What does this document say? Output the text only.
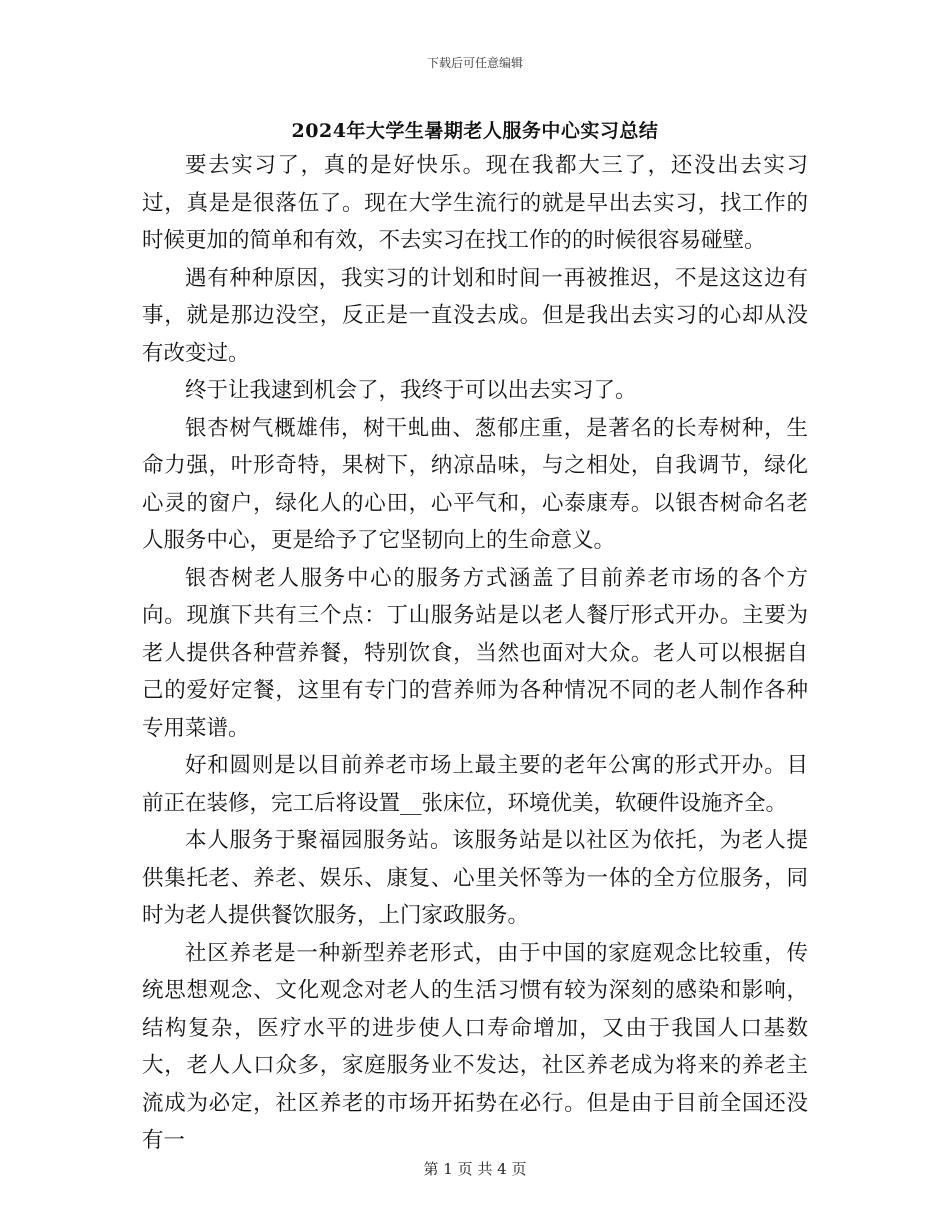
下载后可任意编辑
2024年大学生暑期老人服务中心实习总结

要去实习了，真的是好快乐。现在我都大三了，还没出去实习过，真是是很落伍了。现在大学生流行的就是早出去实习，找工作的时候更加的简单和有效，不去实习在找工作的的时候很容易碰壁。

遇有种种原因，我实习的计划和时间一再被推迟，不是这这边有事，就是那边没空，反正是一直没去成。但是我出去实习的心却从没有改变过。

终于让我逮到机会了，我终于可以出去实习了。

银杏树气概雄伟，树干虬曲、葱郁庄重，是著名的长寿树种，生命力强，叶形奇特，果树下，纳凉品味，与之相处，自我调节，绿化心灵的窗户，绿化人的心田，心平气和，心泰康寿。以银杏树命名老人服务中心，更是给予了它坚韧向上的生命意义。

银杏树老人服务中心的服务方式涵盖了目前养老市场的各个方向。现旗下共有三个点：丁山服务站是以老人餐厅形式开办。主要为老人提供各种营养餐，特别饮食，当然也面对大众。老人可以根据自己的爱好定餐，这里有专门的营养师为各种情况不同的老人制作各种专用菜谱。

好和圆则是以目前养老市场上最主要的老年公寓的形式开办。目前正在装修，完工后将设置__张床位，环境优美，软硬件设施齐全。

本人服务于聚福园服务站。该服务站是以社区为依托，为老人提供集托老、养老、娱乐、康复、心里关怀等为一体的全方位服务，同时为老人提供餐饮服务，上门家政服务。

社区养老是一种新型养老形式，由于中国的家庭观念比较重，传统思想观念、文化观念对老人的生活习惯有较为深刻的感染和影响，结构复杂，医疗水平的进步使人口寿命增加，又由于我国人口基数大，老人人口众多，家庭服务业不发达，社区养老成为将来的养老主流成为必定，社区养老的市场开拓势在必行。但是由于目前全国还没有一

第 1 页 共 4 页
